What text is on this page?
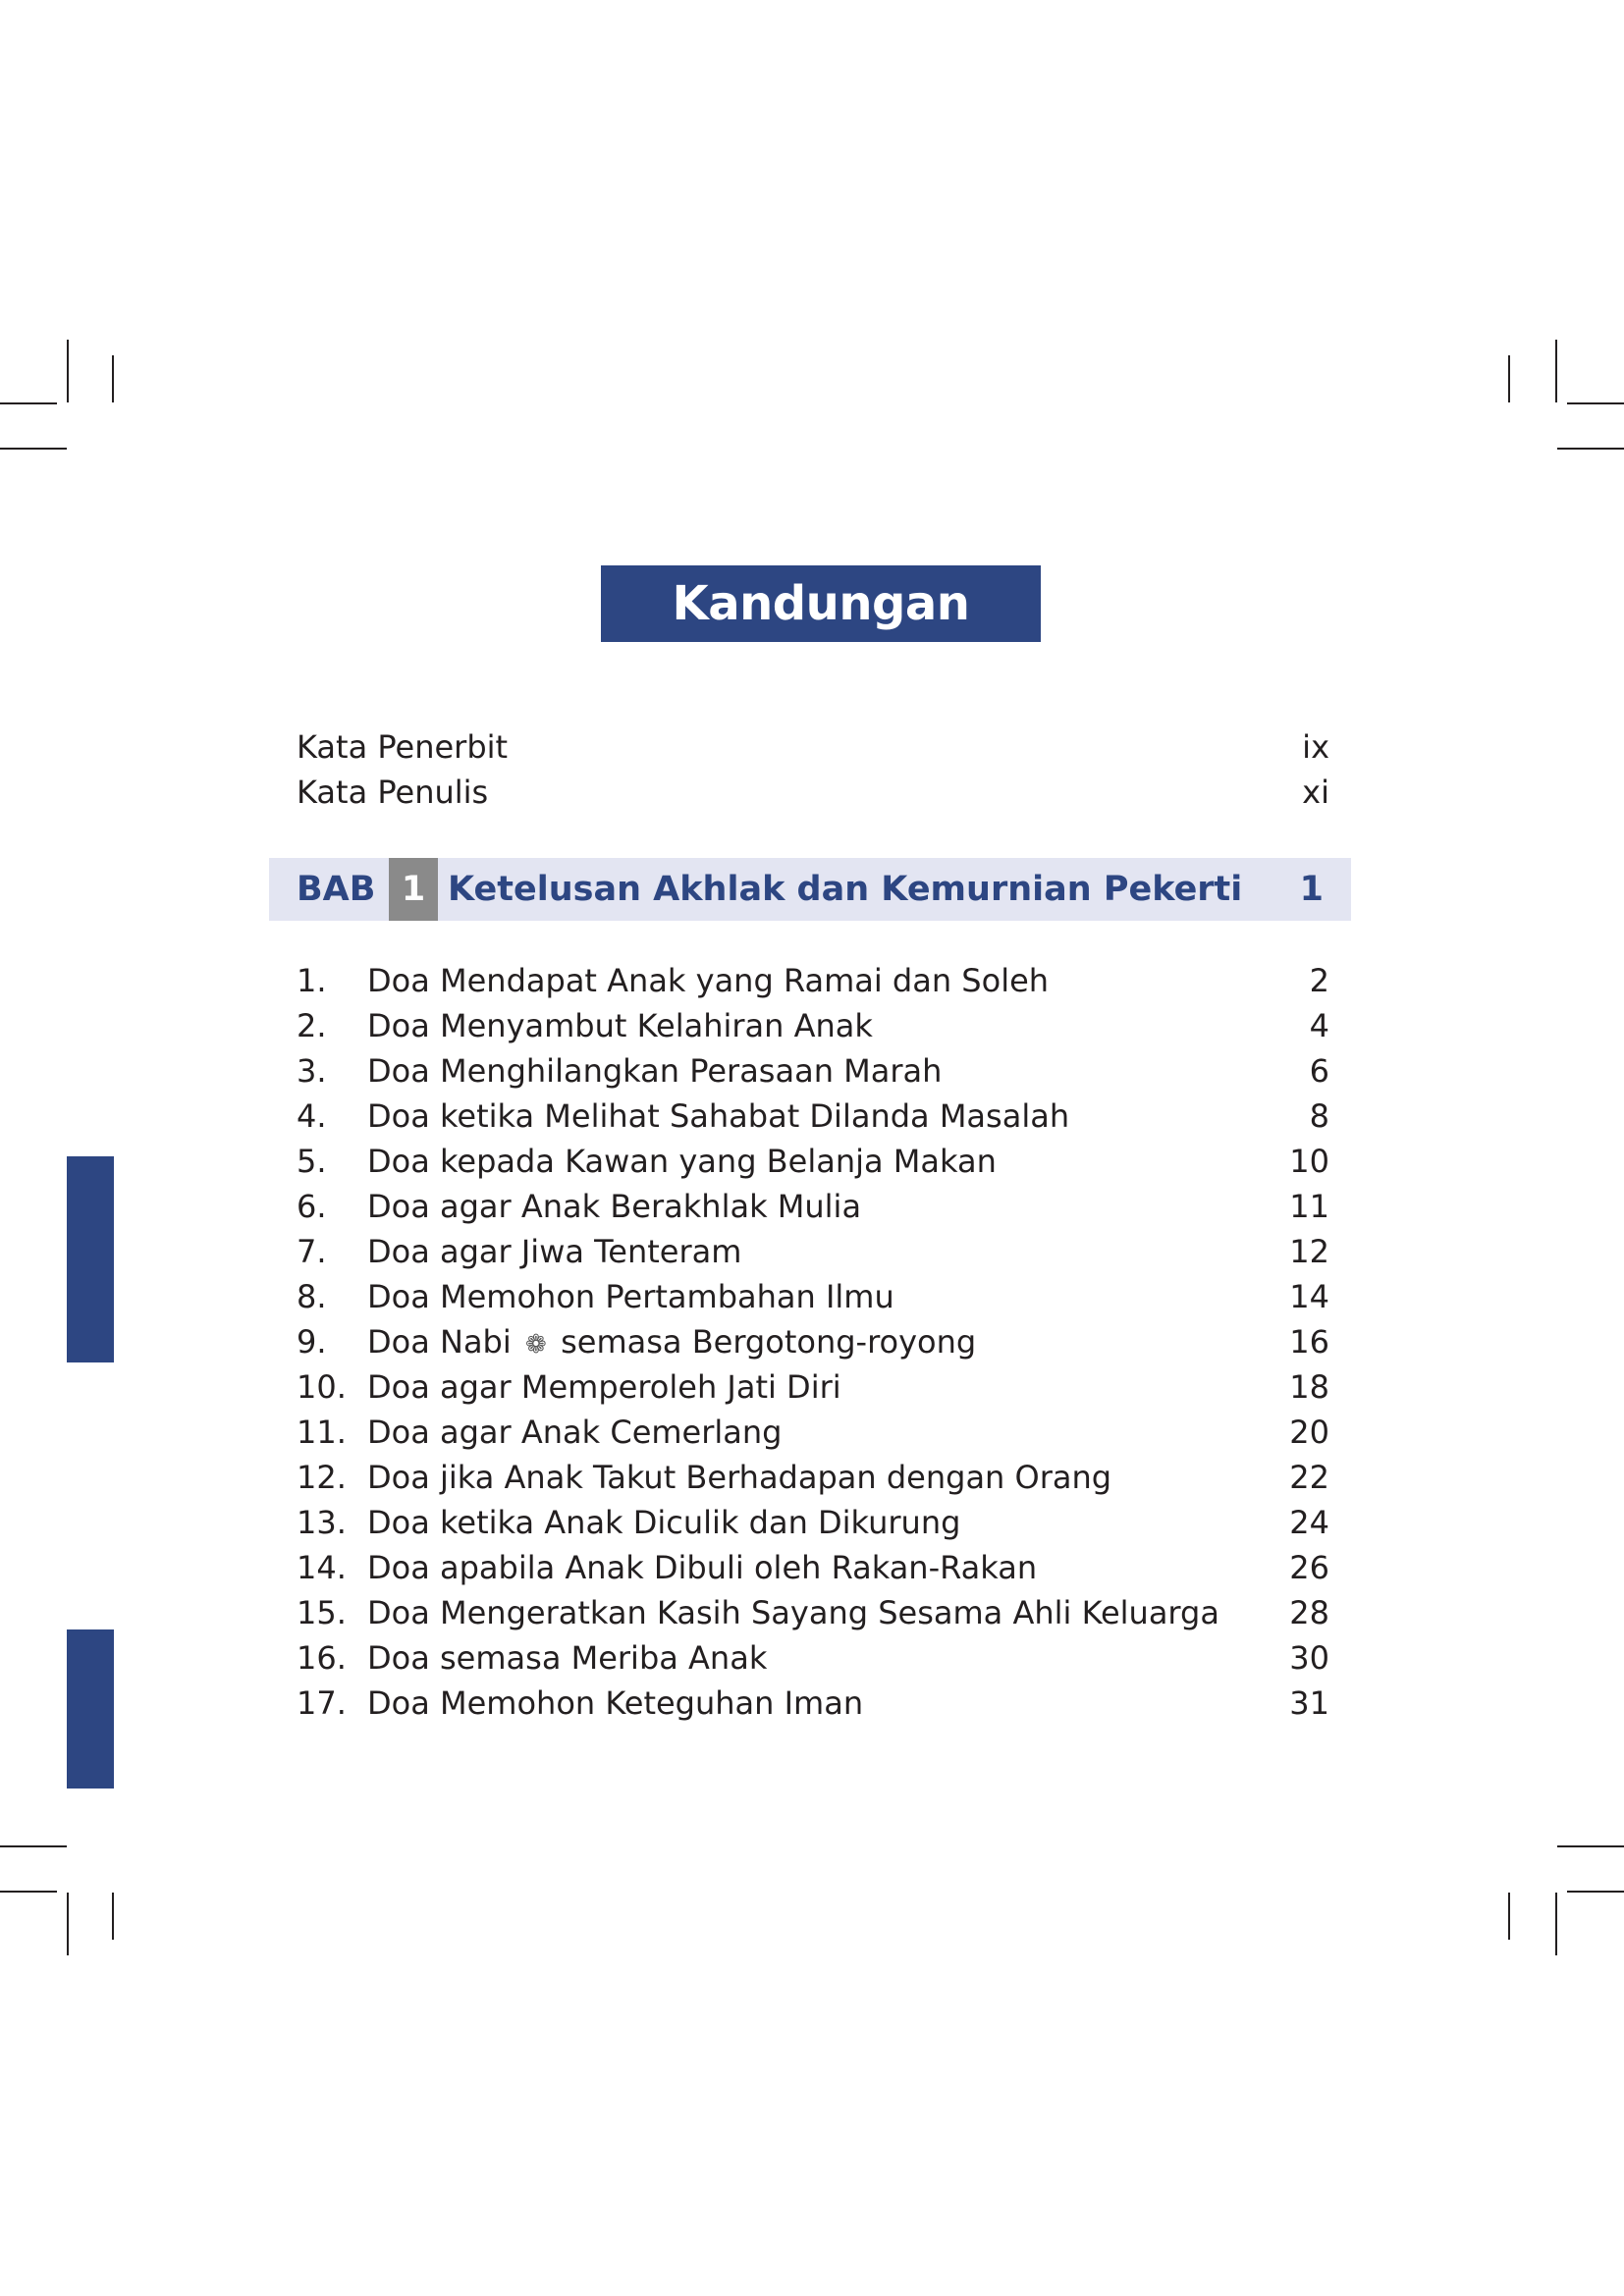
Kandungan
Kata Penerbit	ix
Kata Penulis	xi
BAB 1 Ketelusan Akhlak dan Kemurnian Pekerti 1
1. Doa Mendapat Anak yang Ramai dan Soleh	2
2. Doa Menyambut Kelahiran Anak	4
3. Doa Menghilangkan Perasaan Marah	6
4. Doa ketika Melihat Sahabat Dilanda Masalah	8
5. Doa kepada Kawan yang Belanja Makan	10
6. Doa agar Anak Berakhlak Mulia	11
7. Doa agar Jiwa Tenteram	12
8. Doa Memohon Pertambahan Ilmu	14
9. Doa Nabi ❁ semasa Bergotong-royong	16
10. Doa agar Memperoleh Jati Diri	18
11. Doa agar Anak Cemerlang	20
12. Doa jika Anak Takut Berhadapan dengan Orang	22
13. Doa ketika Anak Diculik dan Dikurung	24
14. Doa apabila Anak Dibuli oleh Rakan-Rakan	26
15. Doa Mengeratkan Kasih Sayang Sesama Ahli Keluarga 28
16. Doa semasa Meriba Anak	30
17. Doa Memohon Keteguhan Iman	31
